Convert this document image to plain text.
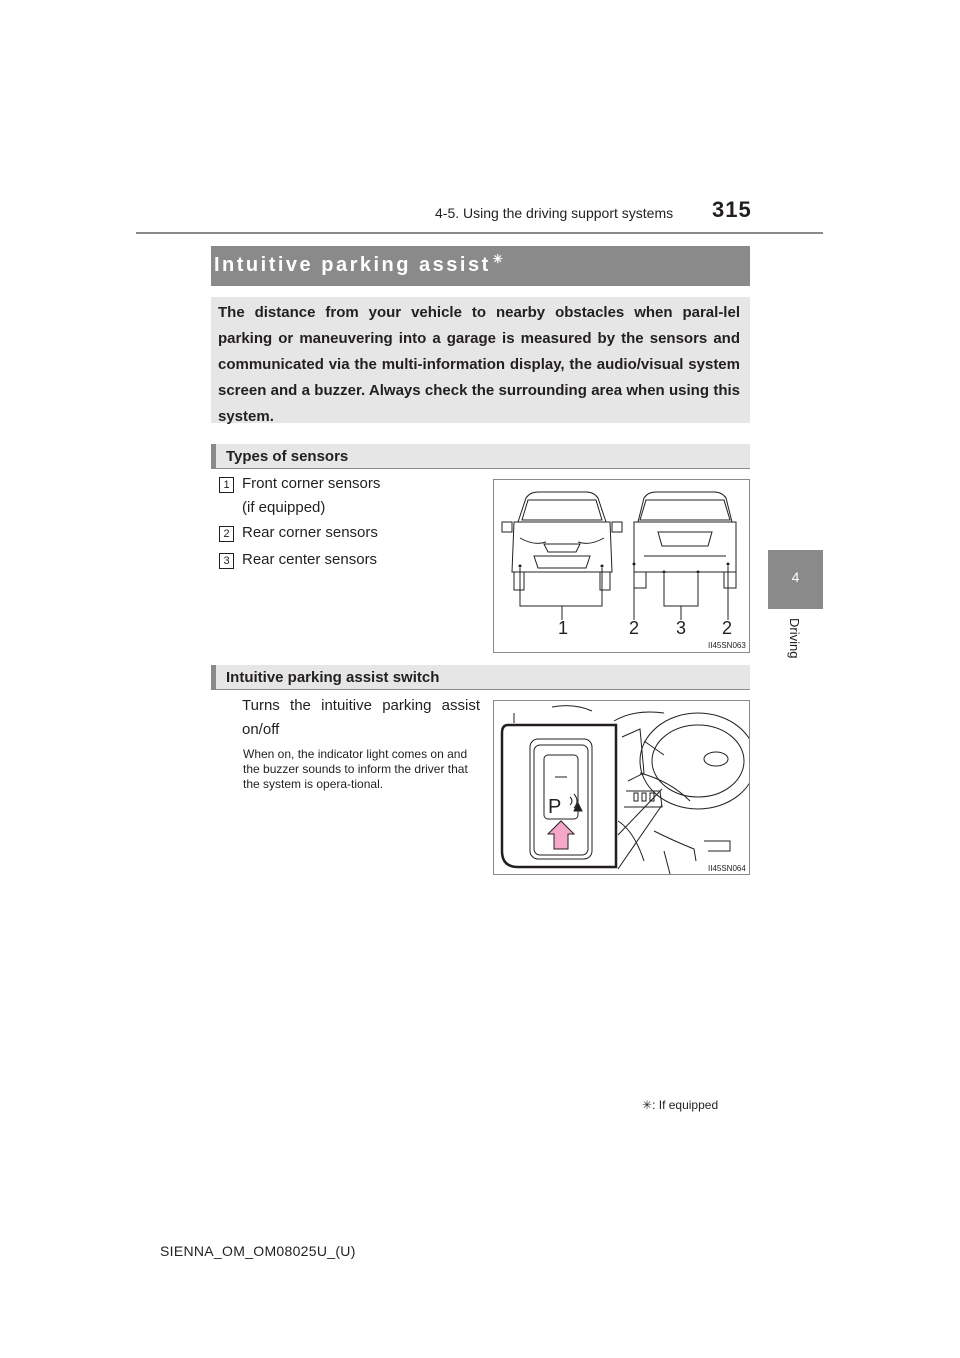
4-5. Using the driving support systems 315
4
Driving
Intuitive parking assist ✳
The distance from your vehicle to nearby obstacles when paral-lel parking or maneuvering into a garage is measured by the sensors and communicated via the multi-information display, the audio/visual system screen and a buzzer. Always check the surrounding area when using this system.
Types of sensors
1 Front corner sensors
(if equipped)
2 Rear corner sensors
3 Rear center sensors
1	2 3 2
II45SN063
Intuitive parking assist switch
Turns the intuitive parking assist on/off
When on, the indicator light comes on and the buzzer sounds to inform the driver that the system is opera-tional.
P
II45SN064
✳: If equipped
SIENNA_OM_OM08025U_(U)
